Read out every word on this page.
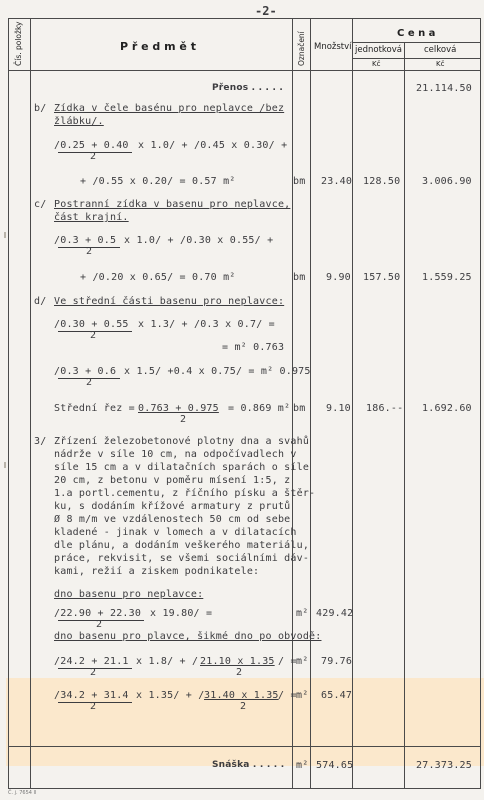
-2-
Čís. položky	P ř e d m ě t	Označení Množství
C e n a
jednotková	celková
Kč	Kč
Přenos . . . . .	21.114.50
b/ Zídka v čele basénu pro neplavce /bez
žlábku/.
/0.25 + 0.40
2
x 1.0/ + /0.45 x 0.30/ +
+ /0.55 x 0.20/ = 0.57 m²	bm 23.40 128.50 3.006.90
c/ Postranní zídka v basenu pro neplavce,
část krajní.
/0.3 + 0.5
2
x 1.0/ + /0.30 x 0.55/ +
+ /0.20 x 0.65/ = 0.70 m²	bm 9.90 157.50 1.559.25
d/ Ve střední části basenu pro neplavce:
/0.30 + 0.55
2
x 1.3/ + /0.3 x 0.7/ =
= m² 0.763
/0.3 + 0.6
2
x 1.5/ +0.4 x 0.75/ = m² 0.975
Střední řez = 0.763 + 0.975
2
= 0.869 m² bm 9.10 186.-- 1.692.60
3/ Zřízení železobetonové plotny dna a svahů
nádrže v síle 10 cm, na odpočívadlech v
síle 15 cm a v dilatačních sparách o síle
20 cm, z betonu v poměru mísení 1:5, z
1.a portl.cementu, z říčního písku a štěr-
ku, s dodáním křížové armatury z prutů
Ø 8 m/m ve vzdálenostech 50 cm od sebe
kladené - jinak v lomech a v dilatacích
dle plánu, a dodáním veškerého materiálu,
práce, rekvisit, se všemi sociálními dáv-
kami, režií a ziskem podnikatele:
dno basenu pro neplavce:
/22.90 + 22.30
2
x 19.80/ =	m² 429.42
dno basenu pro plavce, šikmé dno po obvodě:
/24.2 + 21.1
2
x 1.8/ + / 21.10 x 1.35
2
/ = m² 79.76
/34.2 + 31.4
2
x 1.35/ + / 31.40 x 1.35
2
/ = m² 65.47
Snáška . . . . . m² 574.65	27.373.25
Č. j. 7654 II
